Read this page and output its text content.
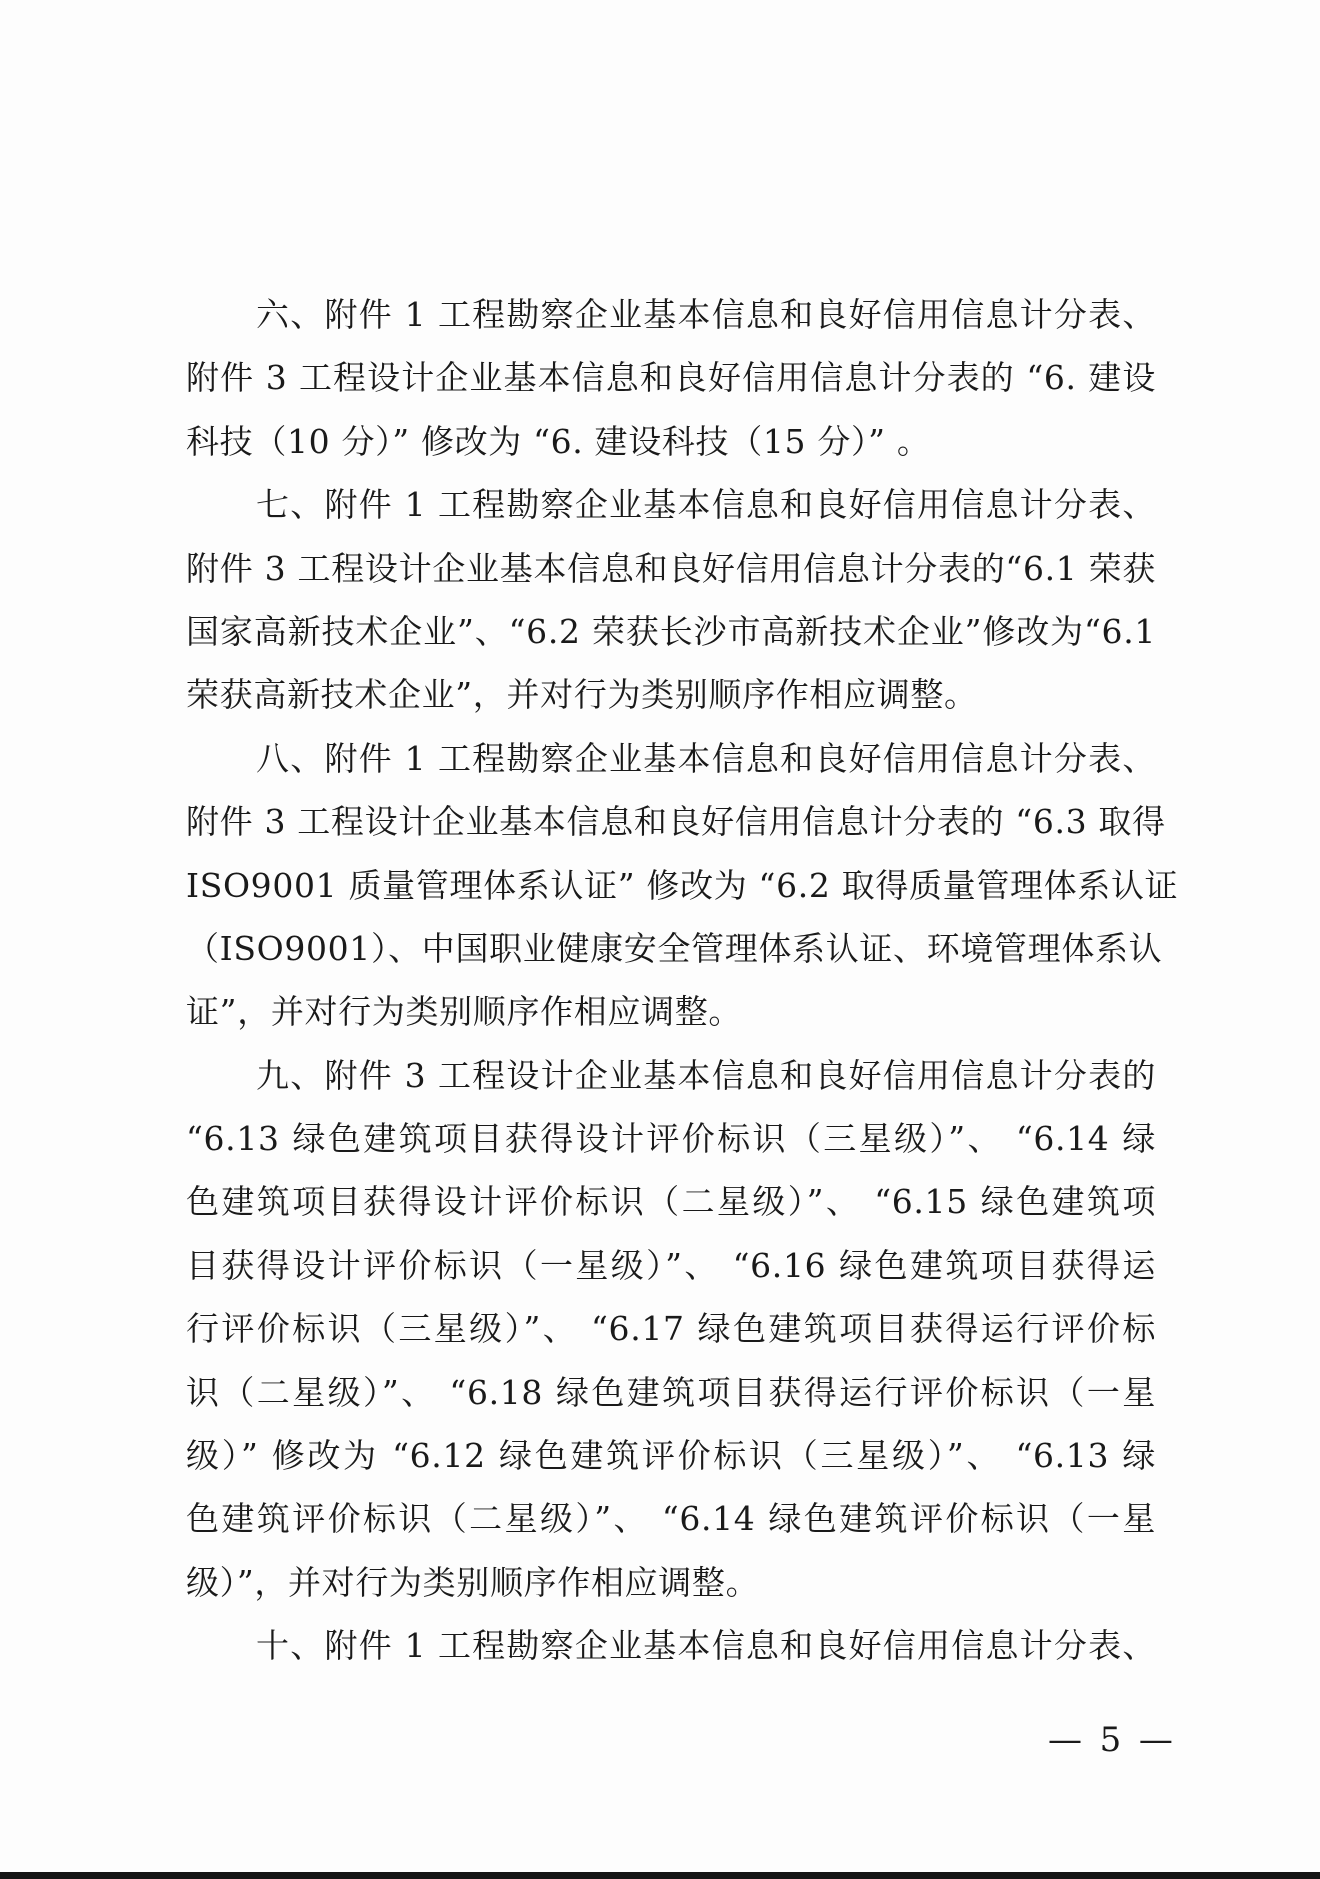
六、附件 1 工程勘察企业基本信息和良好信用信息计分表、
附件 3 工程设计企业基本信息和良好信用信息计分表的 “6. 建设
科技（10 分）” 修改为 “6. 建设科技（15 分）” 。
七、附件 1 工程勘察企业基本信息和良好信用信息计分表、
附件 3 工程设计企业基本信息和良好信用信息计分表的“6.1 荣获
国家高新技术企业”、“6.2 荣获长沙市高新技术企业”修改为“6.1
荣获高新技术企业”，并对行为类别顺序作相应调整。
八、附件 1 工程勘察企业基本信息和良好信用信息计分表、
附件 3 工程设计企业基本信息和良好信用信息计分表的 “6.3 取得
ISO9001 质量管理体系认证” 修改为 “6.2 取得质量管理体系认证
（ISO9001）、中国职业健康安全管理体系认证、环境管理体系认
证”，并对行为类别顺序作相应调整。
九、附件 3 工程设计企业基本信息和良好信用信息计分表的
“6.13 绿色建筑项目获得设计评价标识（三星级）”、 “6.14 绿
色建筑项目获得设计评价标识（二星级）”、 “6.15 绿色建筑项
目获得设计评价标识（一星级）”、 “6.16 绿色建筑项目获得运
行评价标识（三星级）”、 “6.17 绿色建筑项目获得运行评价标
识（二星级）”、 “6.18 绿色建筑项目获得运行评价标识（一星
级）” 修改为 “6.12 绿色建筑评价标识（三星级）”、 “6.13 绿
色建筑评价标识（二星级）”、 “6.14 绿色建筑评价标识（一星
级）”，并对行为类别顺序作相应调整。
十、附件 1 工程勘察企业基本信息和良好信用信息计分表、
— 5 —
